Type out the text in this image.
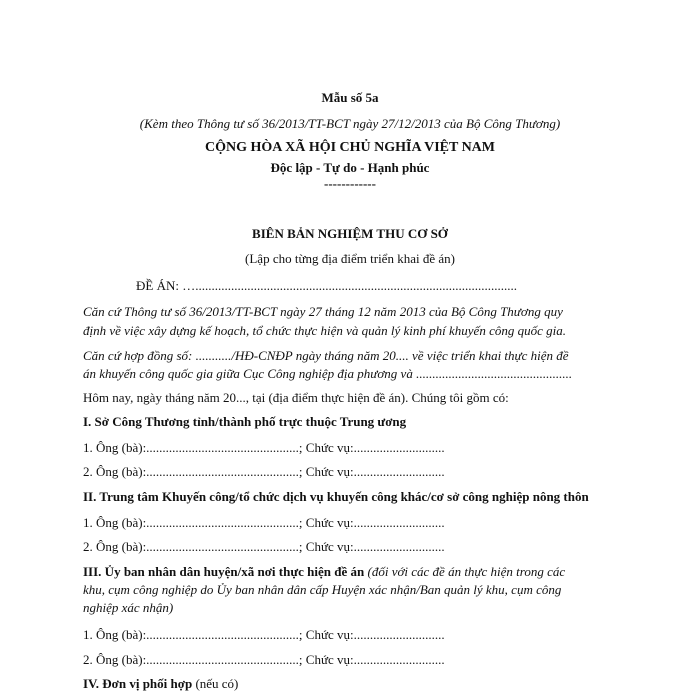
Mẫu số 5a
(Kèm theo Thông tư số 36/2013/TT-BCT ngày 27/12/2013 của Bộ Công Thương)
CỘNG HÒA XÃ HỘI CHỦ NGHĨA VIỆT NAM
Độc lập - Tự do - Hạnh phúc
------------
BIÊN BẢN NGHIỆM THU CƠ SỞ
(Lập cho từng địa điểm triển khai đề án)
ĐỀ ÁN: …...................................................................................................
Căn cứ Thông tư số 36/2013/TT-BCT ngày 27 tháng 12 năm 2013 của Bộ Công Thương quy
định về việc xây dựng kế hoạch, tổ chức thực hiện và quản lý kinh phí khuyến công quốc gia.
Căn cứ hợp đồng số: .........../HĐ-CNĐP ngày tháng năm 20.... về việc triển khai thực hiện đề
án khuyến công quốc gia giữa Cục Công nghiệp địa phương và ................................................
Hôm nay, ngày tháng năm 20..., tại (địa điểm thực hiện đề án). Chúng tôi gồm có:
I. Sở Công Thương tỉnh/thành phố trực thuộc Trung ương
1. Ông (bà):...............................................; Chức vụ:............................
2. Ông (bà):...............................................; Chức vụ:............................
II. Trung tâm Khuyến công/tổ chức dịch vụ khuyến công khác/cơ sở công nghiệp nông thôn
1. Ông (bà):...............................................; Chức vụ:............................
2. Ông (bà):...............................................; Chức vụ:............................
III. Ủy ban nhân dân huyện/xã nơi thực hiện đề án (đối với các đề án thực hiện trong các
khu, cụm công nghiệp do Ủy ban nhân dân cấp Huyện xác nhận/Ban quản lý khu, cụm công
nghiệp xác nhận)
1. Ông (bà):...............................................; Chức vụ:............................
2. Ông (bà):...............................................; Chức vụ:............................
IV. Đơn vị phối hợp (nếu có)
